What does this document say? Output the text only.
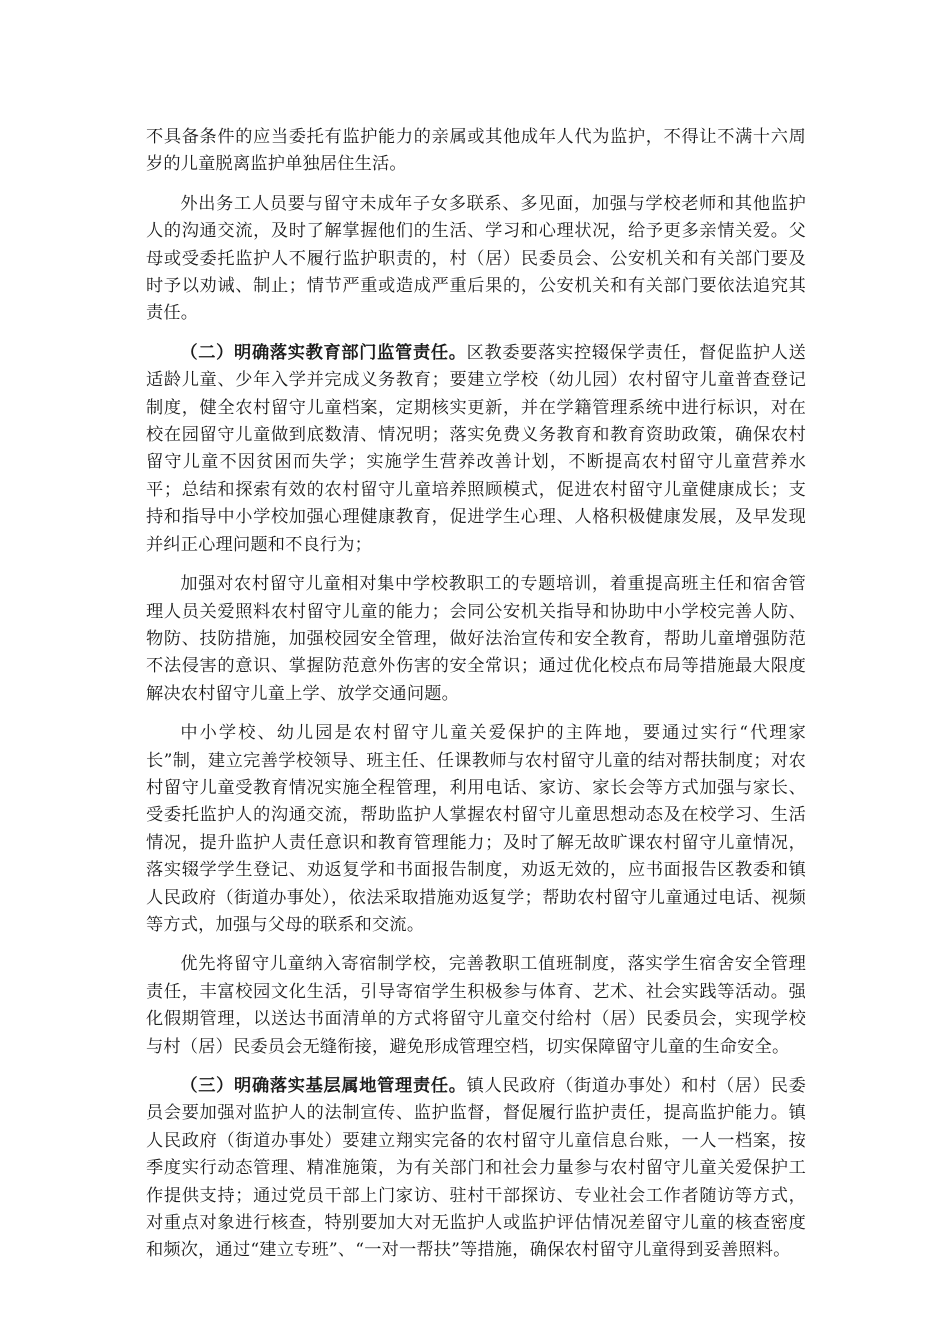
不具备条件的应当委托有监护能力的亲属或其他成年人代为监护，不得让不满十六周岁的儿童脱离监护单独居住生活。

外出务工人员要与留守未成年子女多联系、多见面，加强与学校老师和其他监护人的沟通交流，及时了解掌握他们的生活、学习和心理状况，给予更多亲情关爱。父母或受委托监护人不履行监护职责的，村（居）民委员会、公安机关和有关部门要及时予以劝诫、制止；情节严重或造成严重后果的，公安机关和有关部门要依法追究其责任。

（二）明确落实教育部门监管责任。区教委要落实控辍保学责任，督促监护人送适龄儿童、少年入学并完成义务教育；要建立学校（幼儿园）农村留守儿童普查登记制度，健全农村留守儿童档案，定期核实更新，并在学籍管理系统中进行标识，对在校在园留守儿童做到底数清、情况明；落实免费义务教育和教育资助政策，确保农村留守儿童不因贫困而失学；实施学生营养改善计划，不断提高农村留守儿童营养水平；总结和探索有效的农村留守儿童培养照顾模式，促进农村留守儿童健康成长；支持和指导中小学校加强心理健康教育，促进学生心理、人格积极健康发展，及早发现并纠正心理问题和不良行为；

加强对农村留守儿童相对集中学校教职工的专题培训，着重提高班主任和宿舍管理人员关爱照料农村留守儿童的能力；会同公安机关指导和协助中小学校完善人防、物防、技防措施，加强校园安全管理，做好法治宣传和安全教育，帮助儿童增强防范不法侵害的意识、掌握防范意外伤害的安全常识；通过优化校点布局等措施最大限度解决农村留守儿童上学、放学交通问题。

中小学校、幼儿园是农村留守儿童关爱保护的主阵地，要通过实行“代理家长”制，建立完善学校领导、班主任、任课教师与农村留守儿童的结对帮扶制度；对农村留守儿童受教育情况实施全程管理，利用电话、家访、家长会等方式加强与家长、受委托监护人的沟通交流，帮助监护人掌握农村留守儿童思想动态及在校学习、生活情况，提升监护人责任意识和教育管理能力；及时了解无故旷课农村留守儿童情况，落实辍学学生登记、劝返复学和书面报告制度，劝返无效的，应书面报告区教委和镇人民政府（街道办事处），依法采取措施劝返复学；帮助农村留守儿童通过电话、视频等方式，加强与父母的联系和交流。

优先将留守儿童纳入寄宿制学校，完善教职工值班制度，落实学生宿舍安全管理责任，丰富校园文化生活，引导寄宿学生积极参与体育、艺术、社会实践等活动。强化假期管理，以送达书面清单的方式将留守儿童交付给村（居）民委员会，实现学校与村（居）民委员会无缝衔接，避免形成管理空档，切实保障留守儿童的生命安全。

（三）明确落实基层属地管理责任。镇人民政府（街道办事处）和村（居）民委员会要加强对监护人的法制宣传、监护监督，督促履行监护责任，提高监护能力。镇人民政府（街道办事处）要建立翔实完备的农村留守儿童信息台账，一人一档案，按季度实行动态管理、精准施策，为有关部门和社会力量参与农村留守儿童关爱保护工作提供支持；通过党员干部上门家访、驻村干部探访、专业社会工作者随访等方式，对重点对象进行核查，特别要加大对无监护人或监护评估情况差留守儿童的核查密度和频次，通过“建立专班”、“一对一帮扶”等措施，确保农村留守儿童得到妥善照料。
